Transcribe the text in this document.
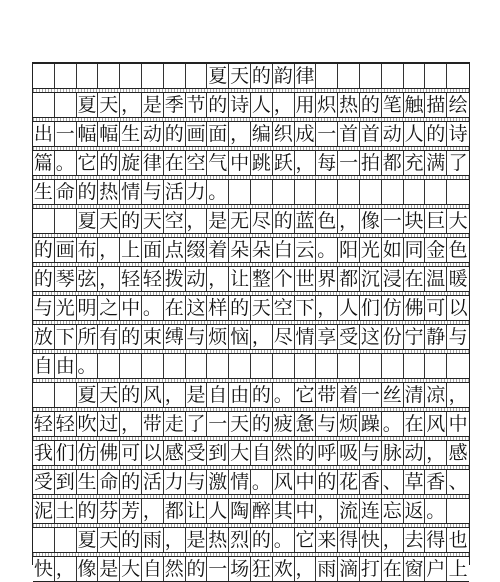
夏 天 的 韵 律
夏 天 ， 是 季 节 的 诗 人 ， 用 炽 热 的 笔 触 描 绘
出 一 幅 幅 生 动 的 画 面 ， 编 织 成 一 首 首 动 人 的 诗
篇 。 它 的 旋 律 在 空 气 中 跳 跃 ， 每 一 拍 都 充 满 了
生 命 的 热 情 与 活 力 。
夏 天 的 天 空 ， 是 无 尽 的 蓝 色 ， 像 一 块 巨 大
的 画 布 ， 上 面 点 缀 着 朵 朵 白 云 。 阳 光 如 同 金 色
的 琴 弦 ， 轻 轻 拨 动 ， 让 整 个 世 界 都 沉 浸 在 温 暖
与 光 明 之 中 。 在 这 样 的 天 空 下 ， 人 们 仿 佛 可 以
放 下 所 有 的 束 缚 与 烦 恼 ， 尽 情 享 受 这 份 宁 静 与
自 由 。
夏 天 的 风 ， 是 自 由 的 。 它 带 着 一 丝 清 凉 ，
轻 轻 吹 过 ， 带 走 了 一 天 的 疲 惫 与 烦 躁 。 在 风 中
我 们 仿 佛 可 以 感 受 到 大 自 然 的 呼 吸 与 脉 动 ， 感
受 到 生 命 的 活 力 与 激 情 。 风 中 的 花 香 、 草 香 、
泥 土 的 芬 芳 ， 都 让 人 陶 醉 其 中 ， 流 连 忘 返 。
夏 天 的 雨 ， 是 热 烈 的 。 它 来 得 快 ， 去 得 也
快 ， 像 是 大 自 然 的 一 场 狂 欢 ， 雨 滴 打 在 窗 户 上
